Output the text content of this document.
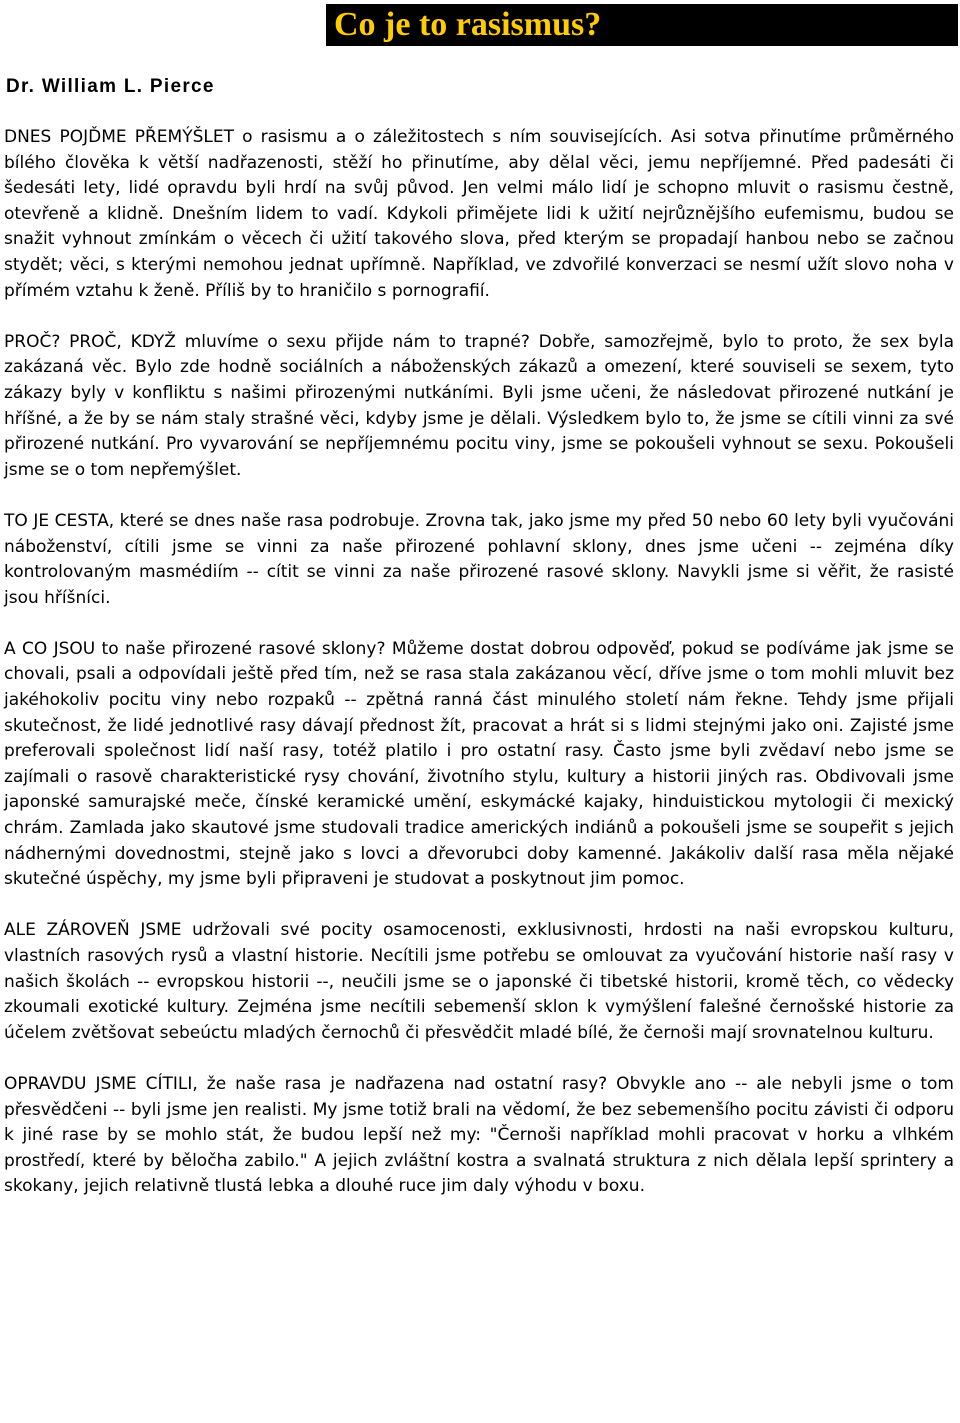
Co je to rasismus?
Dr. William L. Pierce

DNES POJĎME PŘEMÝŠLET o rasismu a o záležitostech s ním souvisejících. Asi sotva přinutíme průměrného bílého člověka k větší nadřazenosti, stěží ho přinutíme, aby dělal věci, jemu nepříjemné. Před padesáti či šedesáti lety, lidé opravdu byli hrdí na svůj původ. Jen velmi málo lidí je schopno mluvit o rasismu čestně, otevřeně a klidně. Dnešním lidem to vadí. Kdykoli přimějete lidi k užití nejrůznějšího eufemismu, budou se snažit vyhnout zmínkám o věcech či užití takového slova, před kterým se propadají hanbou nebo se začnou stydět; věci, s kterými nemohou jednat upřímně. Například, ve zdvořilé konverzaci se nesmí užít slovo noha v přímém vztahu k ženě. Příliš by to hraničilo s pornografií.

PROČ? PROČ, KDYŽ mluvíme o sexu přijde nám to trapné? Dobře, samozřejmě, bylo to proto, že sex byla zakázaná věc. Bylo zde hodně sociálních a náboženských zákazů a omezení, které souviseli se sexem, tyto zákazy byly v konfliktu s našimi přirozenými nutkáními. Byli jsme učeni, že následovat přirozené nutkání je hříšné, a že by se nám staly strašné věci, kdyby jsme je dělali. Výsledkem bylo to, že jsme se cítili vinni za své přirozené nutkání. Pro vyvarování se nepříjemnému pocitu viny, jsme se pokoušeli vyhnout se sexu. Pokoušeli jsme se o tom nepřemýšlet.

TO JE CESTA, které se dnes naše rasa podrobuje. Zrovna tak, jako jsme my před 50 nebo 60 lety byli vyučováni náboženství, cítili jsme se vinni za naše přirozené pohlavní sklony, dnes jsme učeni -- zejména díky kontrolovaným masmédiím -- cítit se vinni za naše přirozené rasové sklony. Navykli jsme si věřit, že rasisté jsou hříšníci.

A CO JSOU to naše přirozené rasové sklony? Můžeme dostat dobrou odpověď, pokud se podíváme jak jsme se chovali, psali a odpovídali ještě před tím, než se rasa stala zakázanou věcí, dříve jsme o tom mohli mluvit bez jakéhokoliv pocitu viny nebo rozpaků -- zpětná ranná část minulého století nám řekne. Tehdy jsme přijali skutečnost, že lidé jednotlivé rasy dávají přednost žít, pracovat a hrát si s lidmi stejnými jako oni. Zajisté jsme preferovali společnost lidí naší rasy, totéž platilo i pro ostatní rasy. Často jsme byli zvědaví nebo jsme se zajímali o rasově charakteristické rysy chování, životního stylu, kultury a historii jiných ras. Obdivovali jsme japonské samurajské meče, čínské keramické umění, eskymácké kajaky, hinduistickou mytologii či mexický chrám. Zamlada jako skautové jsme studovali tradice amerických indiánů a pokoušeli jsme se soupeřit s jejich nádhernými dovednostmi, stejně jako s lovci a dřevorubci doby kamenné. Jakákoliv další rasa měla nějaké skutečné úspěchy, my jsme byli připraveni je studovat a poskytnout jim pomoc.

ALE ZÁROVEŇ JSME udržovali své pocity osamocenosti, exklusivnosti, hrdosti na naši evropskou kulturu, vlastních rasových rysů a vlastní historie. Necítili jsme potřebu se omlouvat za vyučování historie naší rasy v našich školách -- evropskou historii --, neučili jsme se o japonské či tibetské historii, kromě těch, co vědecky zkoumali exotické kultury. Zejména jsme necítili sebemenší sklon k vymýšlení falešné černošské historie za účelem zvětšovat sebeúctu mladých černochů či přesvědčit mladé bílé, že černoši mají srovnatelnou kulturu.

OPRAVDU JSME CÍTILI, že naše rasa je nadřazena nad ostatní rasy? Obvykle ano -- ale nebyli jsme o tom přesvědčeni -- byli jsme jen realisti. My jsme totiž brali na vědomí, že bez sebemenšího pocitu závisti či odporu k jiné rase by se mohlo stát, že budou lepší než my: "Černoši například mohli pracovat v horku a vlhkém prostředí, které by běločha zabilo." A jejich zvláštní kostra a svalnatá struktura z nich dělala lepší sprintery a skokany, jejich relativně tlustá lebka a dlouhé ruce jim daly výhodu v boxu.
